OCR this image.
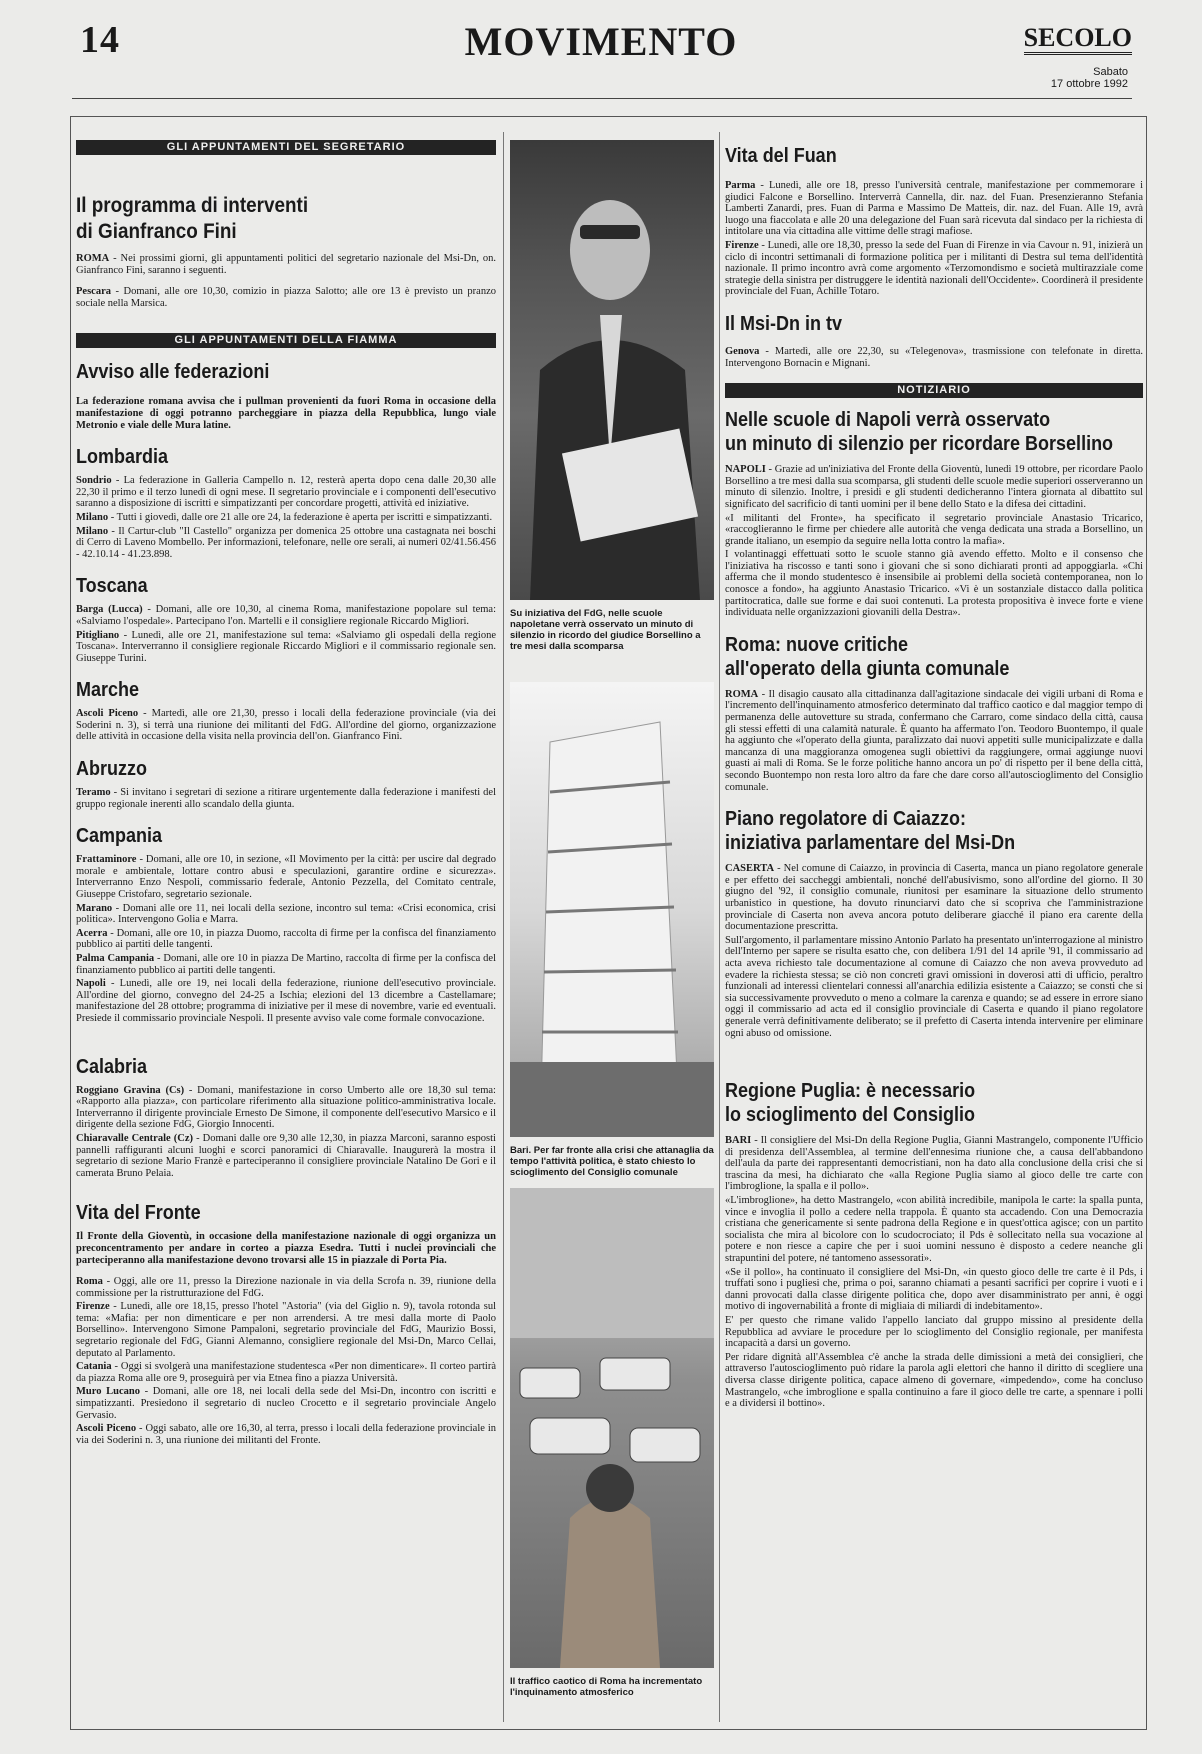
14	MOVIMENTO	SECOLO
Sabato
17 ottobre 1992
GLI APPUNTAMENTI DEL SEGRETARIO
Il programma di interventi
di Gianfranco Fini

ROMA - Nei prossimi giorni, gli appuntamenti politici del segretario nazionale del Msi-Dn, on. Gianfranco Fini, saranno i seguenti.

Pescara - Domani, alle ore 10,30, comizio in piazza Salotto; alle ore 13 è previsto un pranzo sociale nella Marsica.

GLI APPUNTAMENTI DELLA FIAMMA
Avviso alle federazioni

La federazione romana avvisa che i pullman provenienti da fuori Roma in occasione della manifestazione di oggi potranno parcheggiare in piazza della Repubblica, lungo viale Metronio e viale delle Mura latine.

Lombardia

Sondrio - La federazione in Galleria Campello n. 12, resterà aperta dopo cena dalle 20,30 alle 22,30 il primo e il terzo lunedì di ogni mese. Il segretario provinciale e i componenti dell'esecutivo saranno a disposizione di iscritti e simpatizzanti per concordare progetti, attività ed iniziative.

Milano - Tutti i giovedì, dalle ore 21 alle ore 24, la federazione è aperta per iscritti e simpatizzanti.

Milano - Il Cartur-club "Il Castello" organizza per domenica 25 ottobre una castagnata nei boschi di Cerro di Laveno Mombello. Per informazioni, telefonare, nelle ore serali, ai numeri 02/41.56.456 - 42.10.14 - 41.23.898.

Toscana

Barga (Lucca) - Domani, alle ore 10,30, al cinema Roma, manifestazione popolare sul tema: «Salviamo l'ospedale». Partecipano l'on. Martelli e il consigliere regionale Riccardo Migliori.

Pitigliano - Lunedì, alle ore 21, manifestazione sul tema: «Salviamo gli ospedali della regione Toscana». Interverranno il consigliere regionale Riccardo Migliori e il commissario regionale sen. Giuseppe Turini.

Marche

Ascoli Piceno - Martedì, alle ore 21,30, presso i locali della federazione provinciale (via dei Soderini n. 3), si terrà una riunione dei militanti del FdG. All'ordine del giorno, organizzazione delle attività in occasione della visita nella provincia dell'on. Gianfranco Fini.

Abruzzo

Teramo - Si invitano i segretari di sezione a ritirare urgentemente dalla federazione i manifesti del gruppo regionale inerenti allo scandalo della giunta.

Campania

Frattaminore - Domani, alle ore 10, in sezione, «Il Movimento per la città: per uscire dal degrado morale e ambientale, lottare contro abusi e speculazioni, garantire ordine e sicurezza». Interverranno Enzo Nespoli, commissario federale, Antonio Pezzella, del Comitato centrale, Giuseppe Cristofaro, segretario sezionale.

Marano - Domani alle ore 11, nei locali della sezione, incontro sul tema: «Crisi economica, crisi politica». Intervengono Golia e Marra.

Acerra - Domani, alle ore 10, in piazza Duomo, raccolta di firme per la confisca del finanziamento pubblico ai partiti delle tangenti.

Palma Campania - Domani, alle ore 10 in piazza De Martino, raccolta di firme per la confisca del finanziamento pubblico ai partiti delle tangenti.

Napoli - Lunedì, alle ore 19, nei locali della federazione, riunione dell'esecutivo provinciale. All'ordine del giorno, convegno del 24-25 a Ischia; elezioni del 13 dicembre a Castellamare; manifestazione del 28 ottobre; programma di iniziative per il mese di novembre, varie ed eventuali. Presiede il commissario provinciale Nespoli. Il presente avviso vale come formale convocazione.

Calabria

Roggiano Gravina (Cs) - Domani, manifestazione in corso Umberto alle ore 18,30 sul tema: «Rapporto alla piazza», con particolare riferimento alla situazione politico-amministrativa locale. Interverranno il dirigente provinciale Ernesto De Simone, il componente dell'esecutivo Marsico e il dirigente della sezione FdG, Giorgio Innocenti.

Chiaravalle Centrale (Cz) - Domani dalle ore 9,30 alle 12,30, in piazza Marconi, saranno esposti pannelli raffiguranti alcuni luoghi e scorci panoramici di Chiaravalle. Inaugurerà la mostra il segretario di sezione Mario Franzè e parteciperanno il consigliere provinciale Natalino De Gori e il camerata Bruno Pelaia.

Vita del Fronte

Il Fronte della Gioventù, in occasione della manifestazione nazionale di oggi organizza un preconcentramento per andare in corteo a piazza Esedra. Tutti i nuclei provinciali che parteciperanno alla manifestazione devono trovarsi alle 15 in piazzale di Porta Pia.

Roma - Oggi, alle ore 11, presso la Direzione nazionale in via della Scrofa n. 39, riunione della commissione per la ristrutturazione del FdG.

Firenze - Lunedì, alle ore 18,15, presso l'hotel "Astoria" (via del Giglio n. 9), tavola rotonda sul tema: «Mafia: per non dimenticare e per non arrendersi. A tre mesi dalla morte di Paolo Borsellino». Intervengono Simone Pampaloni, segretario provinciale del FdG, Maurizio Bossi, segretario regionale del FdG, Gianni Alemanno, consigliere regionale del Msi-Dn, Marco Cellai, deputato al Parlamento.

Catania - Oggi si svolgerà una manifestazione studentesca «Per non dimenticare». Il corteo partirà da piazza Roma alle ore 9, proseguirà per via Etnea fino a piazza Università.

Muro Lucano - Domani, alle ore 18, nei locali della sede del Msi-Dn, incontro con iscritti e simpatizzanti. Presiedono il segretario di nucleo Crocetto e il segretario provinciale Angelo Gervasio.

Ascoli Piceno - Oggi sabato, alle ore 16,30, al terra, presso i locali della federazione provinciale in via dei Soderini n. 3, una riunione dei militanti del Fronte.

Su iniziativa del FdG, nelle scuole napoletane verrà osservato un minuto di silenzio in ricordo del giudice Borsellino a tre mesi dalla scomparsa
Bari. Per far fronte alla crisi che attanaglia da tempo l'attività politica, è stato chiesto lo scioglimento del Consiglio comunale
Il traffico caotico di Roma ha incrementato l'inquinamento atmosferico
Vita del Fuan

Parma - Lunedì, alle ore 18, presso l'università centrale, manifestazione per commemorare i giudici Falcone e Borsellino. Interverrà Cannella, dir. naz. del Fuan. Presenzieranno Stefania Lamberti Zanardi, pres. Fuan di Parma e Massimo De Matteis, dir. naz. del Fuan. Alle 19, avrà luogo una fiaccolata e alle 20 una delegazione del Fuan sarà ricevuta dal sindaco per la richiesta di intitolare una via cittadina alle vittime delle stragi mafiose.

Firenze - Lunedì, alle ore 18,30, presso la sede del Fuan di Firenze in via Cavour n. 91, inizierà un ciclo di incontri settimanali di formazione politica per i militanti di Destra sul tema dell'identità nazionale. Il primo incontro avrà come argomento «Terzomondismo e società multirazziale come strategie della sinistra per distruggere le identità nazionali dell'Occidente». Coordinerà il presidente provinciale del Fuan, Achille Totaro.

Il Msi-Dn in tv

Genova - Martedì, alle ore 22,30, su «Telegenova», trasmissione con telefonate in diretta. Intervengono Bornacin e Mignani.

NOTIZIARIO
Nelle scuole di Napoli verrà osservato
un minuto di silenzio per ricordare Borsellino

NAPOLI - Grazie ad un'iniziativa del Fronte della Gioventù, lunedì 19 ottobre, per ricordare Paolo Borsellino a tre mesi dalla sua scomparsa, gli studenti delle scuole medie superiori osserveranno un minuto di silenzio. Inoltre, i presidi e gli studenti dedicheranno l'intera giornata al dibattito sul significato del sacrificio di tanti uomini per il bene dello Stato e la difesa dei cittadini.

«I militanti del Fronte», ha specificato il segretario provinciale Anastasio Tricarico, «raccoglieranno le firme per chiedere alle autorità che venga dedicata una strada a Borsellino, un grande italiano, un esempio da seguire nella lotta contro la mafia».

I volantinaggi effettuati sotto le scuole stanno già avendo effetto. Molto e il consenso che l'iniziativa ha riscosso e tanti sono i giovani che si sono dichiarati pronti ad appoggiarla. «Chi afferma che il mondo studentesco è insensibile ai problemi della società contemporanea, non lo conosce a fondo», ha aggiunto Anastasio Tricarico. «Vi è un sostanziale distacco dalla politica partitocratica, dalle sue forme e dai suoi contenuti. La protesta propositiva è invece forte e viene individuata nelle organizzazioni giovanili della Destra».

Roma: nuove critiche
all'operato della giunta comunale

ROMA - Il disagio causato alla cittadinanza dall'agitazione sindacale dei vigili urbani di Roma e l'incremento dell'inquinamento atmosferico determinato dal traffico caotico e dal maggior tempo di permanenza delle autovetture su strada, confermano che Carraro, come sindaco della città, causa gli stessi effetti di una calamità naturale. È quanto ha affermato l'on. Teodoro Buontempo, il quale ha aggiunto che «l'operato della giunta, paralizzato dai nuovi appetiti sulle municipalizzate e dalla mancanza di una maggioranza omogenea sugli obiettivi da raggiungere, ormai aggiunge nuovi guasti ai mali di Roma. Se le forze politiche hanno ancora un po' di rispetto per il bene della città, secondo Buontempo non resta loro altro da fare che dare corso all'autoscioglimento del Consiglio comunale.

Piano regolatore di Caiazzo:
iniziativa parlamentare del Msi-Dn

CASERTA - Nel comune di Caiazzo, in provincia di Caserta, manca un piano regolatore generale e per effetto dei saccheggi ambientali, nonché dell'abusivismo, sono all'ordine del giorno. Il 30 giugno del '92, il consiglio comunale, riunitosi per esaminare la situazione dello strumento urbanistico in questione, ha dovuto rinunciarvi dato che si scopriva che l'amministrazione provinciale di Caserta non aveva ancora potuto deliberare giacché il piano era carente della documentazione prescritta.

Sull'argomento, il parlamentare missino Antonio Parlato ha presentato un'interrogazione al ministro dell'Interno per sapere se risulta esatto che, con delibera 1/91 del 14 aprile '91, il commissario ad acta aveva richiesto tale documentazione al comune di Caiazzo che non aveva provveduto ad evadere la richiesta stessa; se ciò non concreti gravi omissioni in doverosi atti di ufficio, peraltro funzionali ad interessi clientelari connessi all'anarchia edilizia esistente a Caiazzo; se consti che si sia successivamente provveduto o meno a colmare la carenza e quando; se ad essere in errore siano oggi il commissario ad acta ed il consiglio provinciale di Caserta e quando il piano regolatore generale verrà definitivamente deliberato; se il prefetto di Caserta intenda intervenire per eliminare ogni abuso od omissione.

Regione Puglia: è necessario
lo scioglimento del Consiglio

BARI - Il consigliere del Msi-Dn della Regione Puglia, Gianni Mastrangelo, componente l'Ufficio di presidenza dell'Assemblea, al termine dell'ennesima riunione che, a causa dell'abbandono dell'aula da parte dei rappresentanti democristiani, non ha dato alla conclusione della crisi che si trascina da mesi, ha dichiarato che «alla Regione Puglia siamo al gioco delle tre carte con l'imbroglione, la spalla e il pollo».

«L'imbroglione», ha detto Mastrangelo, «con abilità incredibile, manipola le carte: la spalla punta, vince e invoglia il pollo a cedere nella trappola. È quanto sta accadendo. Con una Democrazia cristiana che genericamente si sente padrona della Regione e in quest'ottica agisce; con un partito socialista che mira al bicolore con lo scudocrociato; il Pds è sollecitato nella sua vocazione al potere e non riesce a capire che per i suoi uomini nessuno è disposto a cedere neanche gli strapuntini del potere, né tantomeno assessorati».

«Se il pollo», ha continuato il consigliere del Msi-Dn, «in questo gioco delle tre carte è il Pds, i truffati sono i pugliesi che, prima o poi, saranno chiamati a pesanti sacrifici per coprire i vuoti e i danni provocati dalla classe dirigente politica che, dopo aver disamministrato per anni, è oggi motivo di ingovernabilità a fronte di migliaia di miliardi di indebitamento».

E' per questo che rimane valido l'appello lanciato dal gruppo missino al presidente della Repubblica ad avviare le procedure per lo scioglimento del Consiglio regionale, per manifesta incapacità a darsi un governo.

Per ridare dignità all'Assemblea c'è anche la strada delle dimissioni a metà dei consiglieri, che attraverso l'autoscioglimento può ridare la parola agli elettori che hanno il diritto di scegliere una diversa classe dirigente politica, capace almeno di governare, «impedendo», come ha concluso Mastrangelo, «che imbroglione e spalla continuino a fare il gioco delle tre carte, a spennare i polli e a dividersi il bottino».
